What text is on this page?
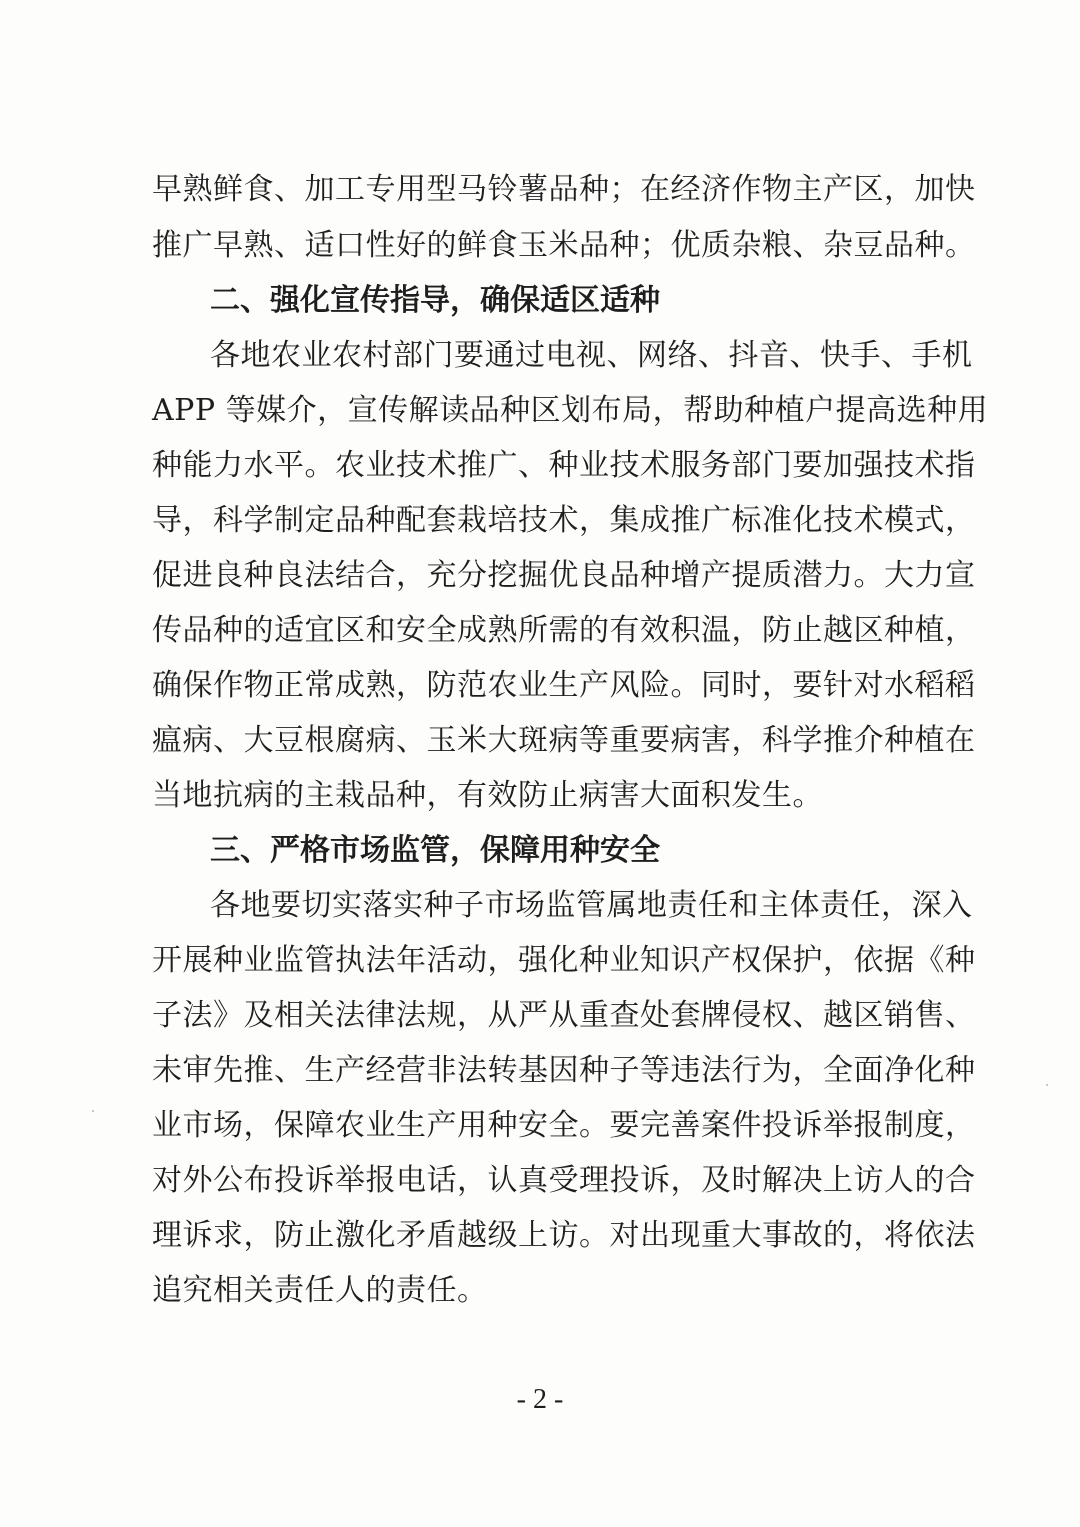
早熟鲜食、加工专用型马铃薯品种；在经济作物主产区，加快
推广早熟、适口性好的鲜食玉米品种；优质杂粮、杂豆品种。
二、强化宣传指导，确保适区适种
各地农业农村部门要通过电视、网络、抖音、快手、手机
APP 等媒介，宣传解读品种区划布局，帮助种植户提高选种用
种能力水平。农业技术推广、种业技术服务部门要加强技术指
导，科学制定品种配套栽培技术，集成推广标准化技术模式，
促进良种良法结合，充分挖掘优良品种增产提质潜力。大力宣
传品种的适宜区和安全成熟所需的有效积温，防止越区种植，
确保作物正常成熟，防范农业生产风险。同时，要针对水稻稻
瘟病、大豆根腐病、玉米大斑病等重要病害，科学推介种植在
当地抗病的主栽品种，有效防止病害大面积发生。
三、严格市场监管，保障用种安全
各地要切实落实种子市场监管属地责任和主体责任，深入
开展种业监管执法年活动，强化种业知识产权保护，依据《种
子法》及相关法律法规，从严从重查处套牌侵权、越区销售、
未审先推、生产经营非法转基因种子等违法行为，全面净化种
业市场，保障农业生产用种安全。要完善案件投诉举报制度，
对外公布投诉举报电话，认真受理投诉，及时解决上访人的合
理诉求，防止激化矛盾越级上访。对出现重大事故的，将依法
追究相关责任人的责任。
- 2 -
